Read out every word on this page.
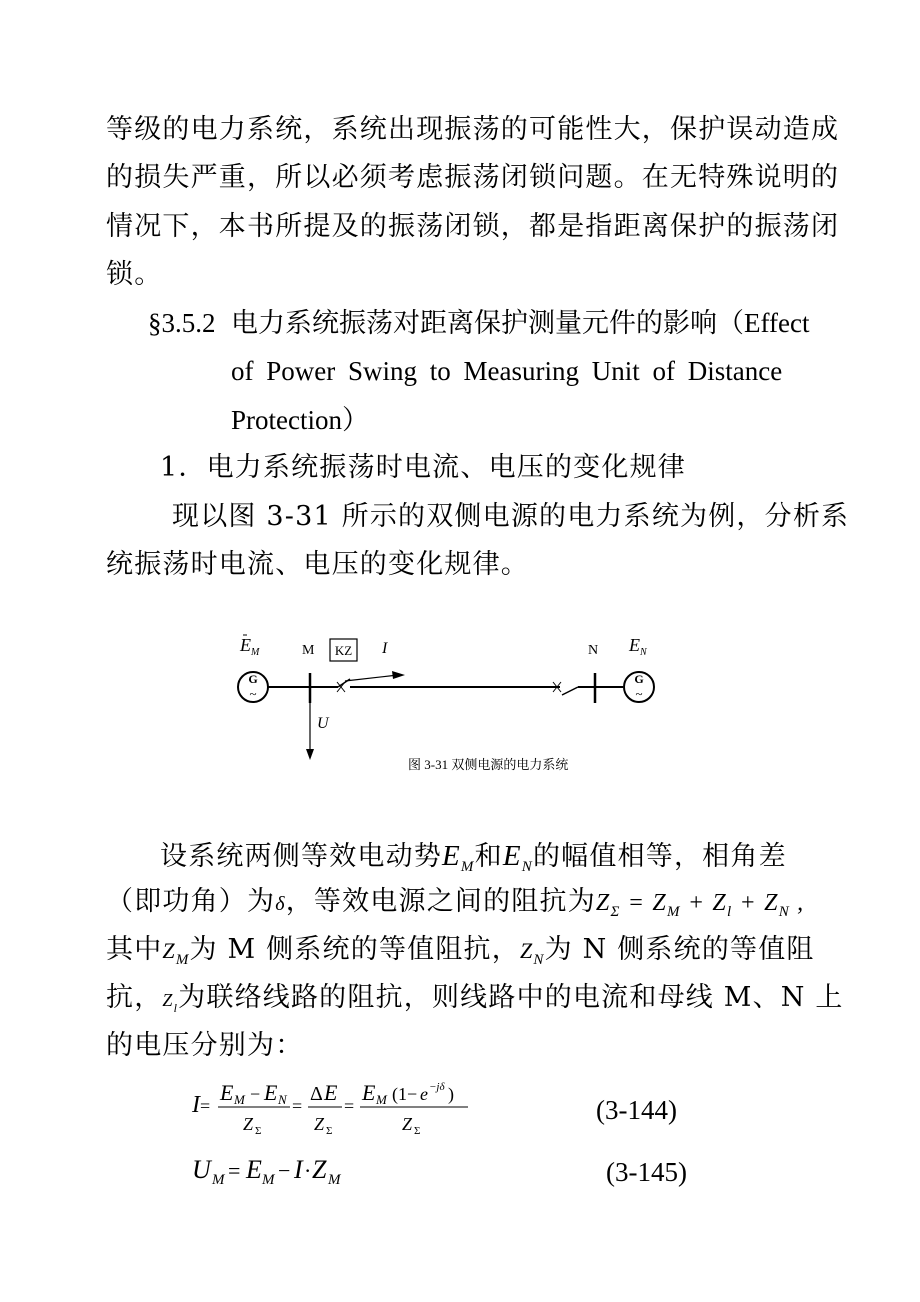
等级的电力系统，系统出现振荡的可能性大，保护误动造成
的损失严重，所以必须考虑振荡闭锁问题。在无特殊说明的
情况下，本书所提及的振荡闭锁，都是指距离保护的振荡闭
锁。
§3.5.2 电力系统振荡对距离保护测量元件的影响（Effect
of Power Swing to Measuring Unit of Distance
Protection）
1．电力系统振荡时电流、电压的变化规律
现以图 3-31 所示的双侧电源的电力系统为例，分析系
统振荡时电流、电压的变化规律。
G
~
E M	M KZ I	N
G
~
E N
U
图 3-31 双侧电源的电力系统
设系统两侧等效电动势$E_M$和$E_N$的幅值相等，相角差
（即功角）为δ，等效电源之间的阻抗为$Z_\Sigma = Z_M + Z_l + Z_N$ ,
其中$Z_M$为 M 侧系统的等值阻抗，$Z_N$为 N 侧系统的等值阻
抗，$Z_l$为联络线路的阻抗，则线路中的电流和母线 M、N 上
的电压分别为：
I =
E M − E N
Z Σ
=
Δ E
Z Σ
=
E M (1− e −jδ )
Z Σ
(3-144)
U M = E M − I · Z M	(3-145)
